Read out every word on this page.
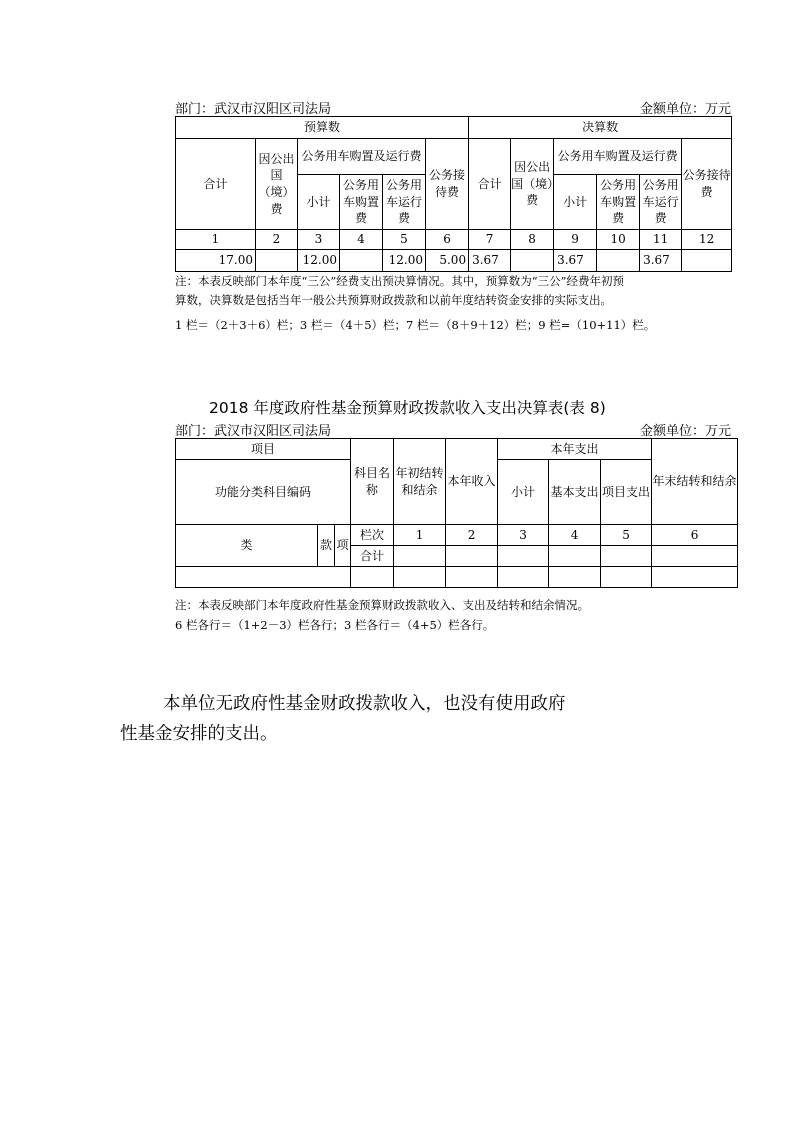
部门：武汉市汉阳区司法局	金额单位：万元
预算数						决算数					
合计	因公出国（境）费	公务用车购置及运行费			公务接待费	合计	因公出国（境）费	公务用车购置及运行费			公务接待费
		小计	公务用车购置费	公务用车运行费				小计	公务用车购置费	公务用车运行费	
1	2	3	4	5	6	7	8	9	10	11	12
17.00		12.00		12.00	5.00	3.67		3.67		3.67	
注：本表反映部门本年度“三公”经费支出预决算情况。其中，预算数为“三公”经费年初预
算数，决算数是包括当年一般公共预算财政拨款和以前年度结转资金安排的实际支出。
1 栏＝（2＋3＋6）栏；3 栏＝（4＋5）栏；7 栏＝（8＋9＋12）栏；9 栏=（10+11）栏。
2018 年度政府性基金预算财政拨款收入支出决算表(表 8)
部门：武汉市汉阳区司法局	金额单位：万元
项目			科目名称	年初结转和结余	本年收入	本年支出			年末结转和结余
功能分类科目编码						小计	基本支出	项目支出	
类	款	项	栏次	1	2	3	4	5	6
			合计						

注：本表反映部门本年度政府性基金预算财政拨款收入、支出及结转和结余情况。
6 栏各行＝（1+2－3）栏各行；3 栏各行＝（4+5）栏各行。
本单位无政府性基金财政拨款收入，也没有使用政府
性基金安排的支出。
